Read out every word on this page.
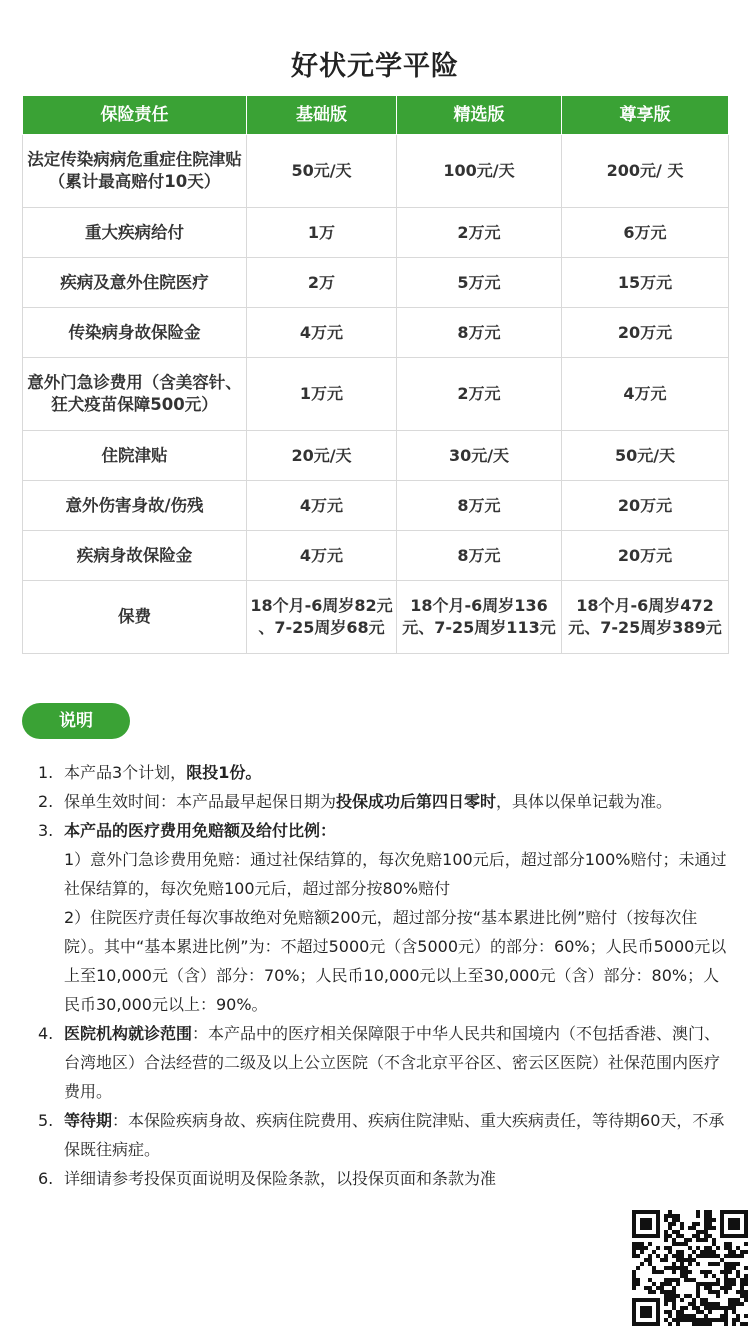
好状元学平险
保险责任	基础版	精选版	尊享版
法定传染病病危重症住院津贴（累计最高赔付10天）	50元/天	100元/天	200元/ 天
重大疾病给付	1万	2万元	6万元
疾病及意外住院医疗	2万	5万元	15万元
传染病身故保险金	4万元	8万元	20万元
意外门急诊费用（含美容针、狂犬疫苗保障500元）	1万元	2万元	4万元
住院津贴	20元/天	30元/天	50元/天
意外伤害身故/伤残	4万元	8万元	20万元
疾病身故保险金	4万元	8万元	20万元
保费	18个月-6周岁82元 、7-25周岁68元	18个月-6周岁136元、7-25周岁113元	18个月-6周岁472元、7-25周岁389元
说明
1. 本产品3个计划，限投1份。
2. 保单生效时间：本产品最早起保日期为投保成功后第四日零时，具体以保单记载为准。
3. 本产品的医疗费用免赔额及给付比例：
1）意外门急诊费用免赔：通过社保结算的，每次免赔100元后，超过部分100%赔付；未通过社保结算的，每次免赔100元后，超过部分按80%赔付
2）住院医疗责任每次事故绝对免赔额200元，超过部分按“基本累进比例”赔付（按每次住院）。其中“基本累进比例”为：不超过5000元（含5000元）的部分：60%；人民币5000元以上至10,000元（含）部分：70%；人民币10,000元以上至30,000元（含）部分：80%；人民币30,000元以上：90%。
4. 医院机构就诊范围：本产品中的医疗相关保障限于中华人民共和国境内（不包括香港、澳门、台湾地区）合法经营的二级及以上公立医院（不含北京平谷区、密云区医院）社保范围内医疗费用。
5. 等待期：本保险疾病身故、疾病住院费用、疾病住院津贴、重大疾病责任，等待期60天，不承保既往病症。
6. 详细请参考投保页面说明及保险条款，以投保页面和条款为准
